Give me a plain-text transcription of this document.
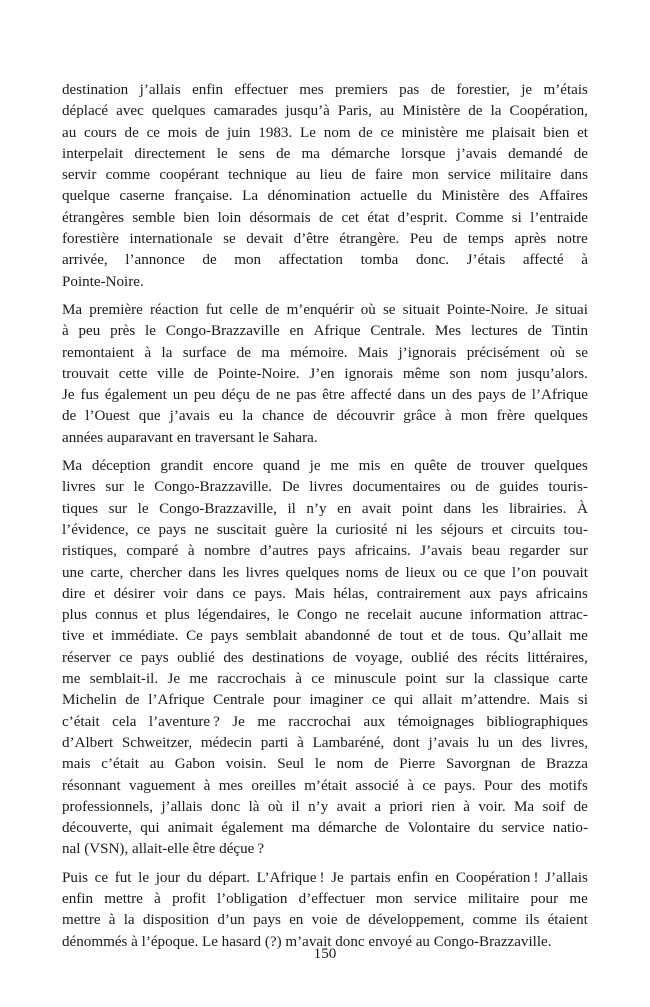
destination j’allais enfin effectuer mes premiers pas de forestier, je m’étais
déplacé avec quelques camarades jusqu’à Paris, au Ministère de la Coopération,
au cours de ce mois de juin 1983. Le nom de ce ministère me plaisait bien et
interpelait directement le sens de ma démarche lorsque j’avais demandé de
servir comme coopérant technique au lieu de faire mon service militaire dans
quelque caserne française. La dénomination actuelle du Ministère des Affaires
étrangères semble bien loin désormais de cet état d’esprit. Comme si l’entraide
forestière internationale se devait d’être étrangère. Peu de temps après notre
arrivée, l’annonce de mon affectation tomba donc. J’étais affecté à
Pointe-Noire.

Ma première réaction fut celle de m’enquérir où se situait Pointe-Noire. Je situai
à peu près le Congo-Brazzaville en Afrique Centrale. Mes lectures de Tintin
remontaient à la surface de ma mémoire. Mais j’ignorais précisément où se
trouvait cette ville de Pointe-Noire. J’en ignorais même son nom jusqu’alors.
Je fus également un peu déçu de ne pas être affecté dans un des pays de l’Afrique
de l’Ouest que j’avais eu la chance de découvrir grâce à mon frère quelques
années auparavant en traversant le Sahara.

Ma déception grandit encore quand je me mis en quête de trouver quelques
livres sur le Congo-Brazzaville. De livres documentaires ou de guides touris-
tiques sur le Congo-Brazzaville, il n’y en avait point dans les librairies. À
l’évidence, ce pays ne suscitait guère la curiosité ni les séjours et circuits tou-
ristiques, comparé à nombre d’autres pays africains. J’avais beau regarder sur
une carte, chercher dans les livres quelques noms de lieux ou ce que l’on pouvait
dire et désirer voir dans ce pays. Mais hélas, contrairement aux pays africains
plus connus et plus légendaires, le Congo ne recelait aucune information attrac-
tive et immédiate. Ce pays semblait abandonné de tout et de tous. Qu’allait me
réserver ce pays oublié des destinations de voyage, oublié des récits littéraires,
me semblait-il. Je me raccrochais à ce minuscule point sur la classique carte
Michelin de l’Afrique Centrale pour imaginer ce qui allait m’attendre. Mais si
c’était cela l’aventure ? Je me raccrochai aux témoignages bibliographiques
d’Albert Schweitzer, médecin parti à Lambaréné, dont j’avais lu un des livres,
mais c’était au Gabon voisin. Seul le nom de Pierre Savorgnan de Brazza
résonnant vaguement à mes oreilles m’était associé à ce pays. Pour des motifs
professionnels, j’allais donc là où il n’y avait a priori rien à voir. Ma soif de
découverte, qui animait également ma démarche de Volontaire du service natio-
nal (VSN), allait-elle être déçue ?

Puis ce fut le jour du départ. L’Afrique ! Je partais enfin en Coopération ! J’allais
enfin mettre à profit l’obligation d’effectuer mon service militaire pour me
mettre à la disposition d’un pays en voie de développement, comme ils étaient
dénommés à l’époque. Le hasard (?) m’avait donc envoyé au Congo-Brazzaville.

150
